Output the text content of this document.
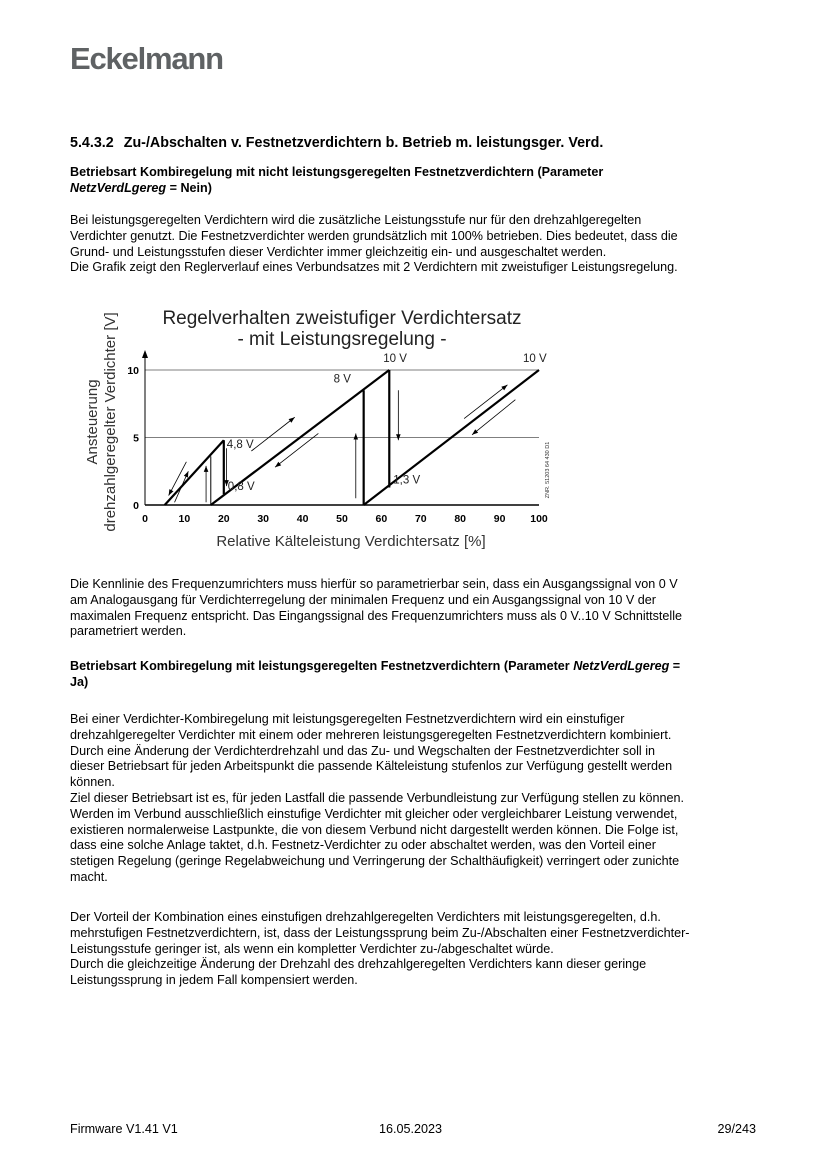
Eckelmann
5.4.3.2 Zu-/Abschalten v. Festnetzverdichtern b. Betrieb m. leistungsger. Verd.
Betriebsart Kombiregelung mit nicht leistungsgeregelten Festnetzverdichtern (Parameter
NetzVerdLgereg = Nein)
Bei leistungsgeregelten Verdichtern wird die zusätzliche Leistungsstufe nur für den drehzahlgeregelten
Verdichter genutzt. Die Festnetzverdichter werden grundsätzlich mit 100% betrieben. Dies bedeutet, dass die
Grund- und Leistungsstufen dieser Verdichter immer gleichzeitig ein- und ausgeschaltet werden.
Die Grafik zeigt den Reglerverlauf eines Verbundsatzes mit 2 Verdichtern mit zweistufiger Leistungsregelung.
Regelverhalten zweistufiger Verdichtersatz
- mit Leistungsregelung -
Ansteuerung drehzahlgeregelter Verdichter [V]
Relative Kälteleistung Verdichtersatz [%]
ZNR. 51203 64 430 D1
0	10	20	30	40	50	60	70	80	90 100
0
5
10
4,8 V
0,8 V
8 V
10 V
1,3 V
10 V
Die Kennlinie des Frequenzumrichters muss hierfür so parametrierbar sein, dass ein Ausgangssignal von 0 V
am Analogausgang für Verdichterregelung der minimalen Frequenz und ein Ausgangssignal von 10 V der
maximalen Frequenz entspricht. Das Eingangssignal des Frequenzumrichters muss als 0 V..10 V Schnittstelle
parametriert werden.
Betriebsart Kombiregelung mit leistungsgeregelten Festnetzverdichtern (Parameter NetzVerdLgereg =
Ja)
Bei einer Verdichter-Kombiregelung mit leistungsgeregelten Festnetzverdichtern wird ein einstufiger
drehzahlgeregelter Verdichter mit einem oder mehreren leistungsgeregelten Festnetzverdichtern kombiniert.
Durch eine Änderung der Verdichterdrehzahl und das Zu- und Wegschalten der Festnetzverdichter soll in
dieser Betriebsart für jeden Arbeitspunkt die passende Kälteleistung stufenlos zur Verfügung gestellt werden
können.
Ziel dieser Betriebsart ist es, für jeden Lastfall die passende Verbundleistung zur Verfügung stellen zu können.
Werden im Verbund ausschließlich einstufige Verdichter mit gleicher oder vergleichbarer Leistung verwendet,
existieren normalerweise Lastpunkte, die von diesem Verbund nicht dargestellt werden können. Die Folge ist,
dass eine solche Anlage taktet, d.h. Festnetz-Verdichter zu oder abschaltet werden, was den Vorteil einer
stetigen Regelung (geringe Regelabweichung und Verringerung der Schalthäufigkeit) verringert oder zunichte
macht.
Der Vorteil der Kombination eines einstufigen drehzahlgeregelten Verdichters mit leistungsgeregelten, d.h.
mehrstufigen Festnetzverdichtern, ist, dass der Leistungssprung beim Zu-/Abschalten einer Festnetzverdichter-
Leistungsstufe geringer ist, als wenn ein kompletter Verdichter zu-/abgeschaltet würde.
Durch die gleichzeitige Änderung der Drehzahl des drehzahlgeregelten Verdichters kann dieser geringe
Leistungssprung in jedem Fall kompensiert werden.
Firmware V1.41 V1	16.05.2023	29/243
